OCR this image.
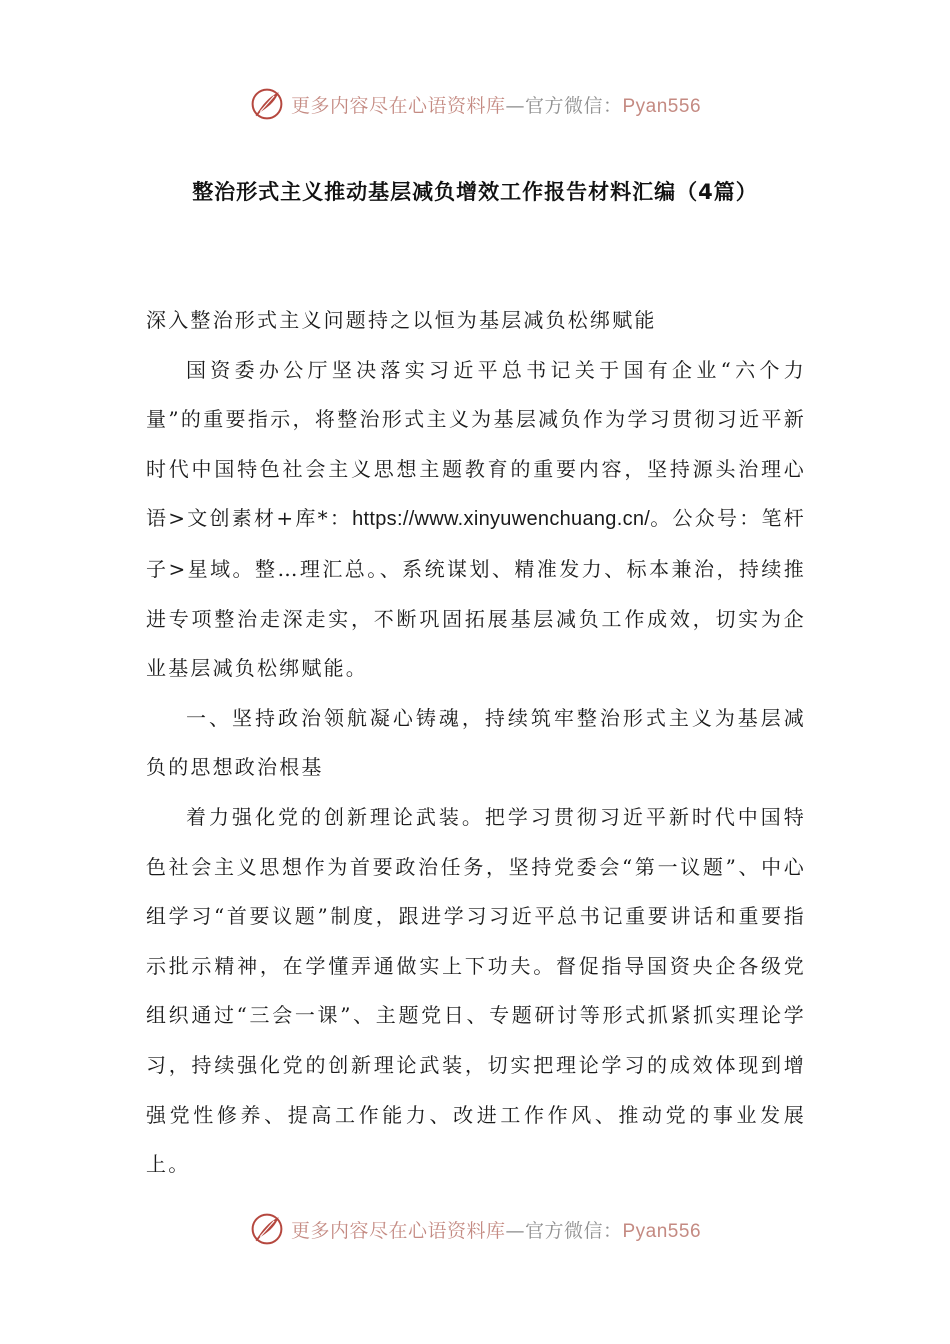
更多内容尽在心语资料库—官方微信：Pyan556
整治形式主义推动基层减负增效工作报告材料汇编（4篇）

深入整治形式主义问题持之以恒为基层减负松绑赋能

国资委办公厅坚决落实习近平总书记关于国有企业“六个力量”的重要指示，将整治形式主义为基层减负作为学习贯彻习近平新时代中国特色社会主义思想主题教育的重要内容，坚持源头治理心语>文创素材+库*：https://www.xinyuwenchuang.cn/。公众号：笔杆子>星域。整…理汇总。、系统谋划、精准发力、标本兼治，持续推进专项整治走深走实，不断巩固拓展基层减负工作成效，切实为企业基层减负松绑赋能。

一、坚持政治领航凝心铸魂，持续筑牢整治形式主义为基层减负的思想政治根基

着力强化党的创新理论武装。把学习贯彻习近平新时代中国特色社会主义思想作为首要政治任务，坚持党委会“第一议题”、中心组学习“首要议题”制度，跟进学习习近平总书记重要讲话和重要指示批示精神，在学懂弄通做实上下功夫。督促指导国资央企各级党组织通过“三会一课”、主题党日、专题研讨等形式抓紧抓实理论学习，持续强化党的创新理论武装，切实把理论学习的成效体现到增强党性修养、提高工作能力、改进工作作风、推动党的事业发展上。

更多内容尽在心语资料库—官方微信：Pyan556
